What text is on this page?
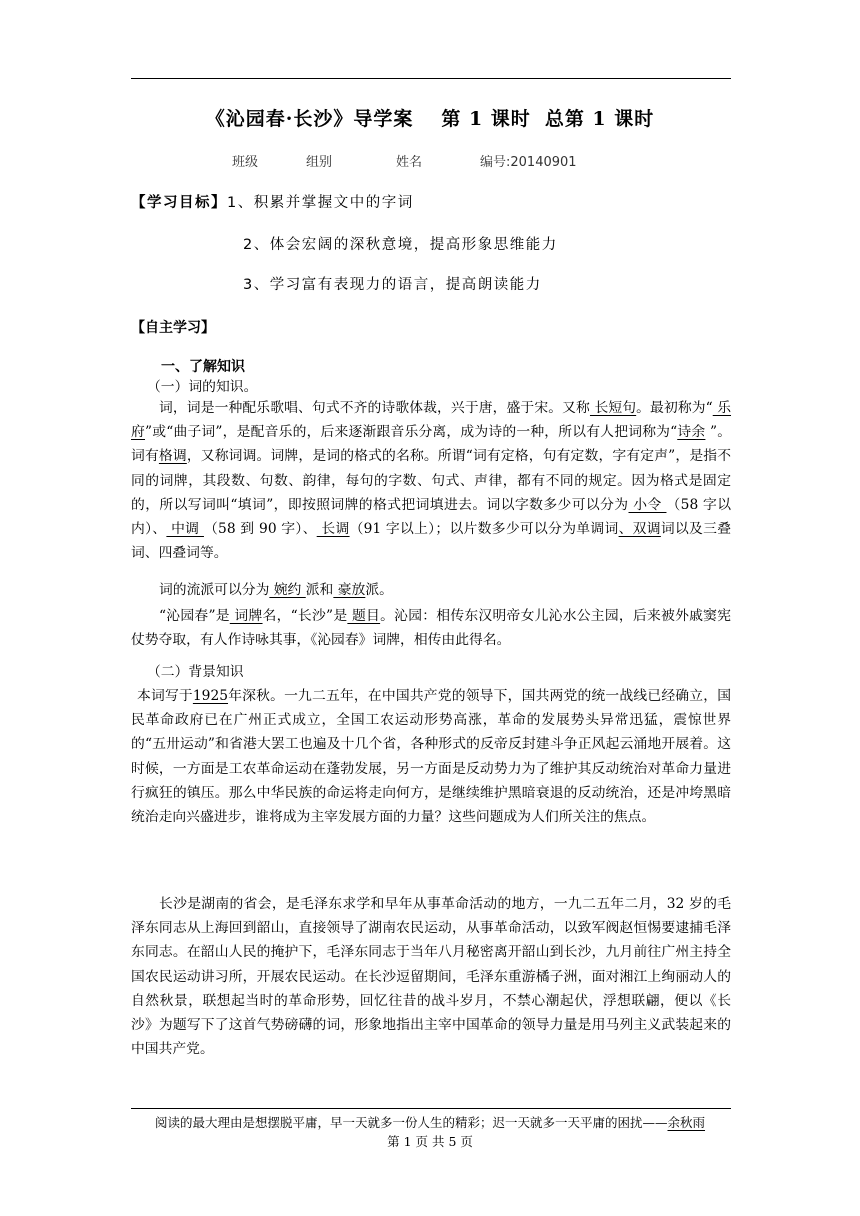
《沁园春·长沙》导学案 第 1 课时 总第 1 课时
班级	组别	姓名	编号:20140901
【学习目标】1、积累并掌握文中的字词
2、体会宏阔的深秋意境，提高形象思维能力
3、学习富有表现力的语言，提高朗读能力
【自主学习】
一、了解知识
（一）词的知识。
词，词是一种配乐歌唱、句式不齐的诗歌体裁，兴于唐，盛于宋。又称 长短句。最初称为“ 乐府”或“曲子词”，是配音乐的，后来逐渐跟音乐分离，成为诗的一种，所以有人把词称为“诗余 ”。词有格调，又称词调。词牌，是词的格式的名称。所谓“词有定格，句有定数，字有定声”，是指不同的词牌，其段数、句数、韵律，每句的字数、句式、声律，都有不同的规定。因为格式是固定的，所以写词叫“填词”，即按照词牌的格式把词填进去。词以字数多少可以分为 小令 （58 字以内）、 中调 （58 到 90 字）、 长调（91 字以上）；以片数多少可以分为单调词、双调词以及三叠词、四叠词等。
词的流派可以分为 婉约 派和 豪放派。
“沁园春”是 词牌名，“长沙”是 题目。沁园：相传东汉明帝女儿沁水公主园，后来被外戚窦宪仗势夺取，有人作诗咏其事，《沁园春》词牌，相传由此得名。
（二）背景知识
本词写于1925年深秋。一九二五年，在中国共产党的领导下，国共两党的统一战线已经确立，国民革命政府已在广州正式成立，全国工农运动形势高涨，革命的发展势头异常迅猛，震惊世界的“五卅运动”和省港大罢工也遍及十几个省，各种形式的反帝反封建斗争正风起云涌地开展着。这时候，一方面是工农革命运动在蓬勃发展，另一方面是反动势力为了维护其反动统治对革命力量进行疯狂的镇压。那么中华民族的命运将走向何方，是继续维护黑暗衰退的反动统治，还是冲垮黑暗统治走向兴盛进步，谁将成为主宰发展方面的力量？这些问题成为人们所关注的焦点。
长沙是湖南的省会，是毛泽东求学和早年从事革命活动的地方，一九二五年二月，32 岁的毛泽东同志从上海回到韶山，直接领导了湖南农民运动，从事革命活动，以致军阀赵恒惕要逮捕毛泽东同志。在韶山人民的掩护下，毛泽东同志于当年八月秘密离开韶山到长沙，九月前往广州主持全国农民运动讲习所，开展农民运动。在长沙逗留期间，毛泽东重游橘子洲，面对湘江上绚丽动人的自然秋景，联想起当时的革命形势，回忆往昔的战斗岁月，不禁心潮起伏，浮想联翩，便以《长沙》为题写下了这首气势磅礴的词，形象地指出主宰中国革命的领导力量是用马列主义武装起来的中国共产党。
阅读的最大理由是想摆脱平庸，早一天就多一份人生的精彩；迟一天就多一天平庸的困扰——余秋雨
第 1 页 共 5 页
